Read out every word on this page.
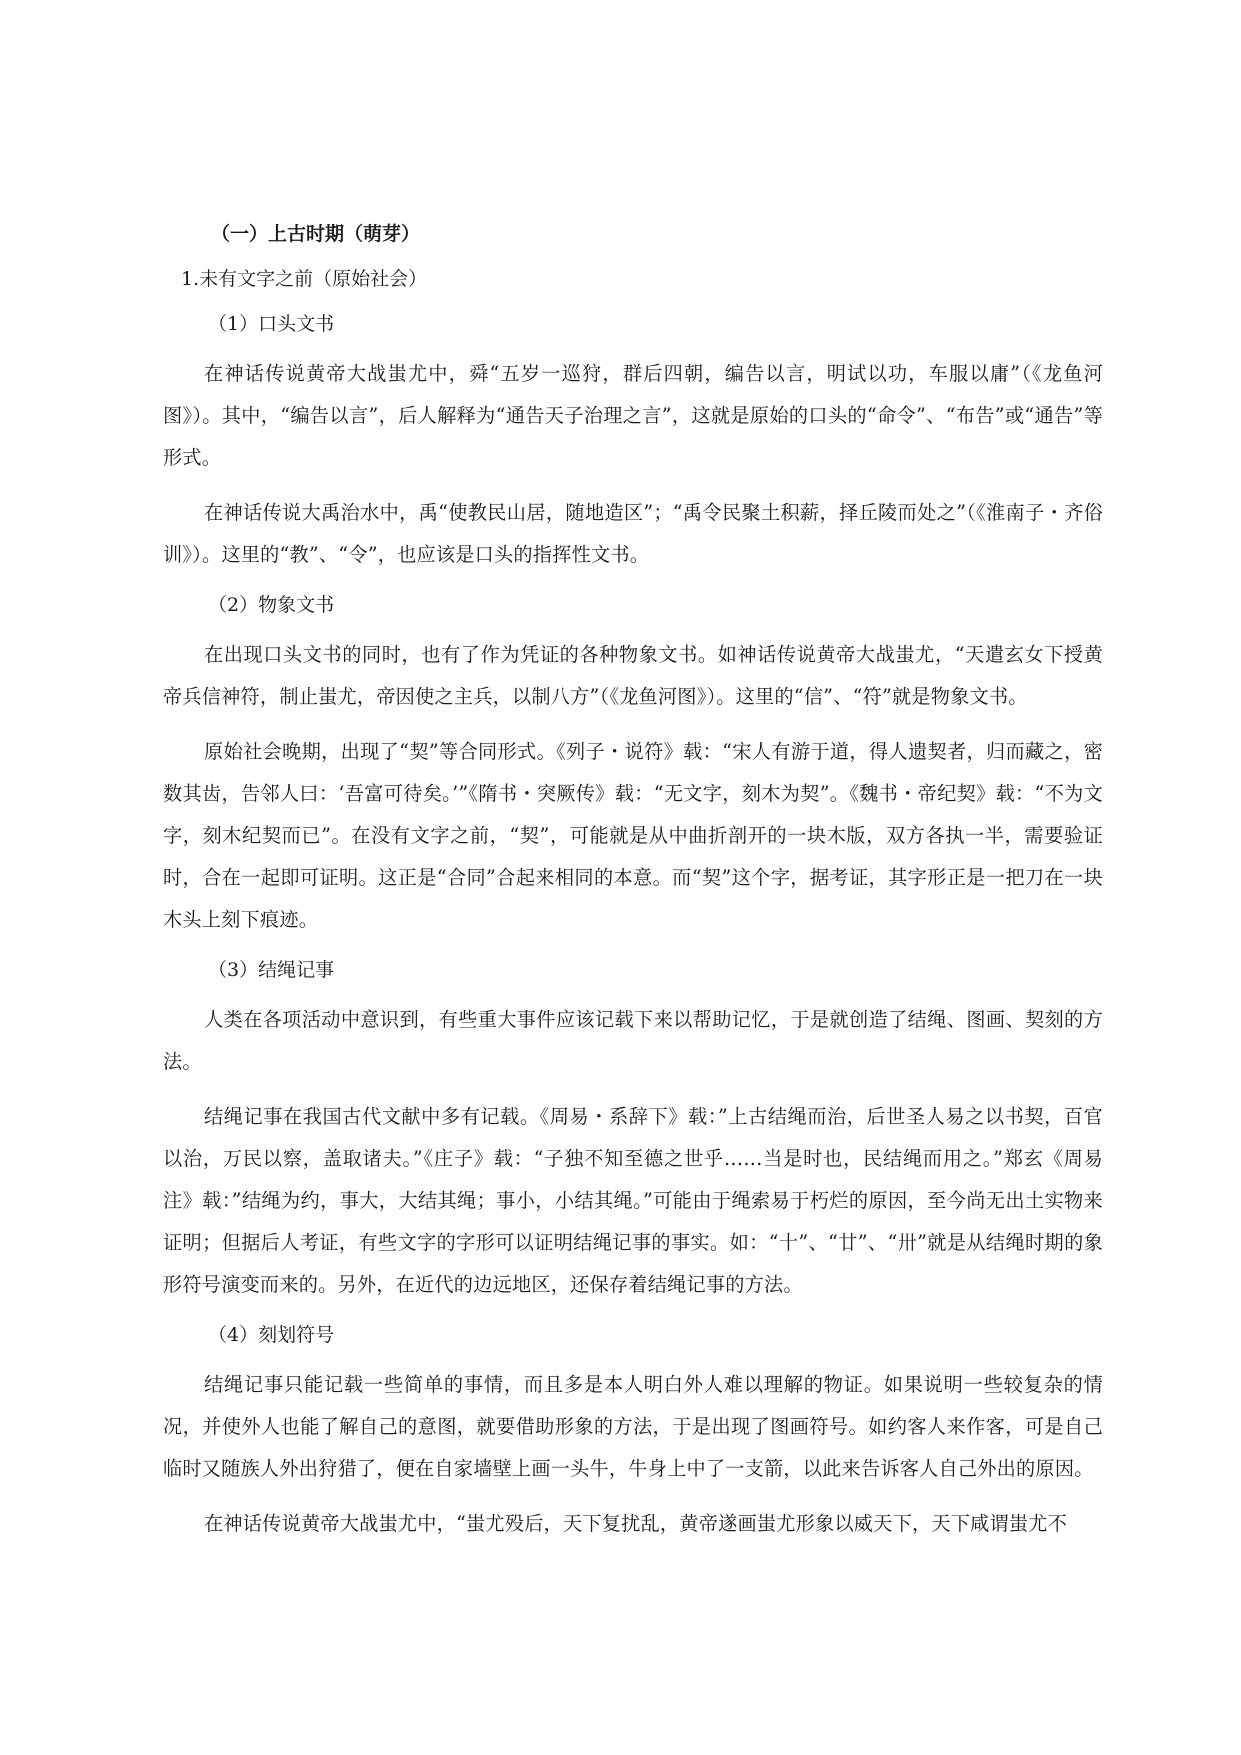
（一）上古时期（萌芽）
1.未有文字之前（原始社会）
（1）口头文书

在神话传说黄帝大战蚩尤中，舜“五岁一巡狩，群后四朝，编告以言，明试以功，车服以庸”（《龙鱼河图》）。其中，“编告以言”，后人解释为“通告天子治理之言”，这就是原始的口头的“命令”、“布告”或“通告”等形式。

在神话传说大禹治水中，禹“使教民山居，随地造区”；“禹令民聚土积薪，择丘陵而处之”（《淮南子・齐俗训》）。这里的“教”、“令”，也应该是口头的指挥性文书。

（2）物象文书

在出现口头文书的同时，也有了作为凭证的各种物象文书。如神话传说黄帝大战蚩尤，“天遣玄女下授黄帝兵信神符，制止蚩尤，帝因使之主兵，以制八方”（《龙鱼河图》）。这里的“信”、“符”就是物象文书。

原始社会晚期，出现了“契”等合同形式。《列子・说符》载：“宋人有游于道，得人遗契者，归而藏之，密数其齿，告邻人曰：‘吾富可待矣。’”《隋书・突厥传》载：“无文字，刻木为契”。《魏书・帝纪契》载：“不为文字，刻木纪契而已”。在没有文字之前，“契”，可能就是从中曲折剖开的一块木版，双方各执一半，需要验证时，合在一起即可证明。这正是“合同”合起来相同的本意。而“契”这个字，据考证，其字形正是一把刀在一块木头上刻下痕迹。

（3）结绳记事

人类在各项活动中意识到，有些重大事件应该记载下来以帮助记忆，于是就创造了结绳、图画、契刻的方法。

结绳记事在我国古代文献中多有记载。《周易・系辞下》载：”上古结绳而治，后世圣人易之以书契，百官以治，万民以察，盖取诸夫。”《庄子》载：“子独不知至德之世乎……当是时也，民结绳而用之。”郑玄《周易注》载：”结绳为约，事大，大结其绳；事小，小结其绳。”可能由于绳索易于朽烂的原因，至今尚无出土实物来证明；但据后人考证，有些文字的字形可以证明结绳记事的事实。如：“十”、“廿”、“卅”就是从结绳时期的象形符号演变而来的。另外，在近代的边远地区，还保存着结绳记事的方法。

（4）刻划符号

结绳记事只能记载一些简单的事情，而且多是本人明白外人难以理解的物证。如果说明一些较复杂的情况，并使外人也能了解自己的意图，就要借助形象的方法，于是出现了图画符号。如约客人来作客，可是自己临时又随族人外出狩猎了，便在自家墙壁上画一头牛，牛身上中了一支箭，以此来告诉客人自己外出的原因。

在神话传说黄帝大战蚩尤中，“蚩尤殁后，天下复扰乱，黄帝遂画蚩尤形象以威天下，天下咸谓蚩尤不
